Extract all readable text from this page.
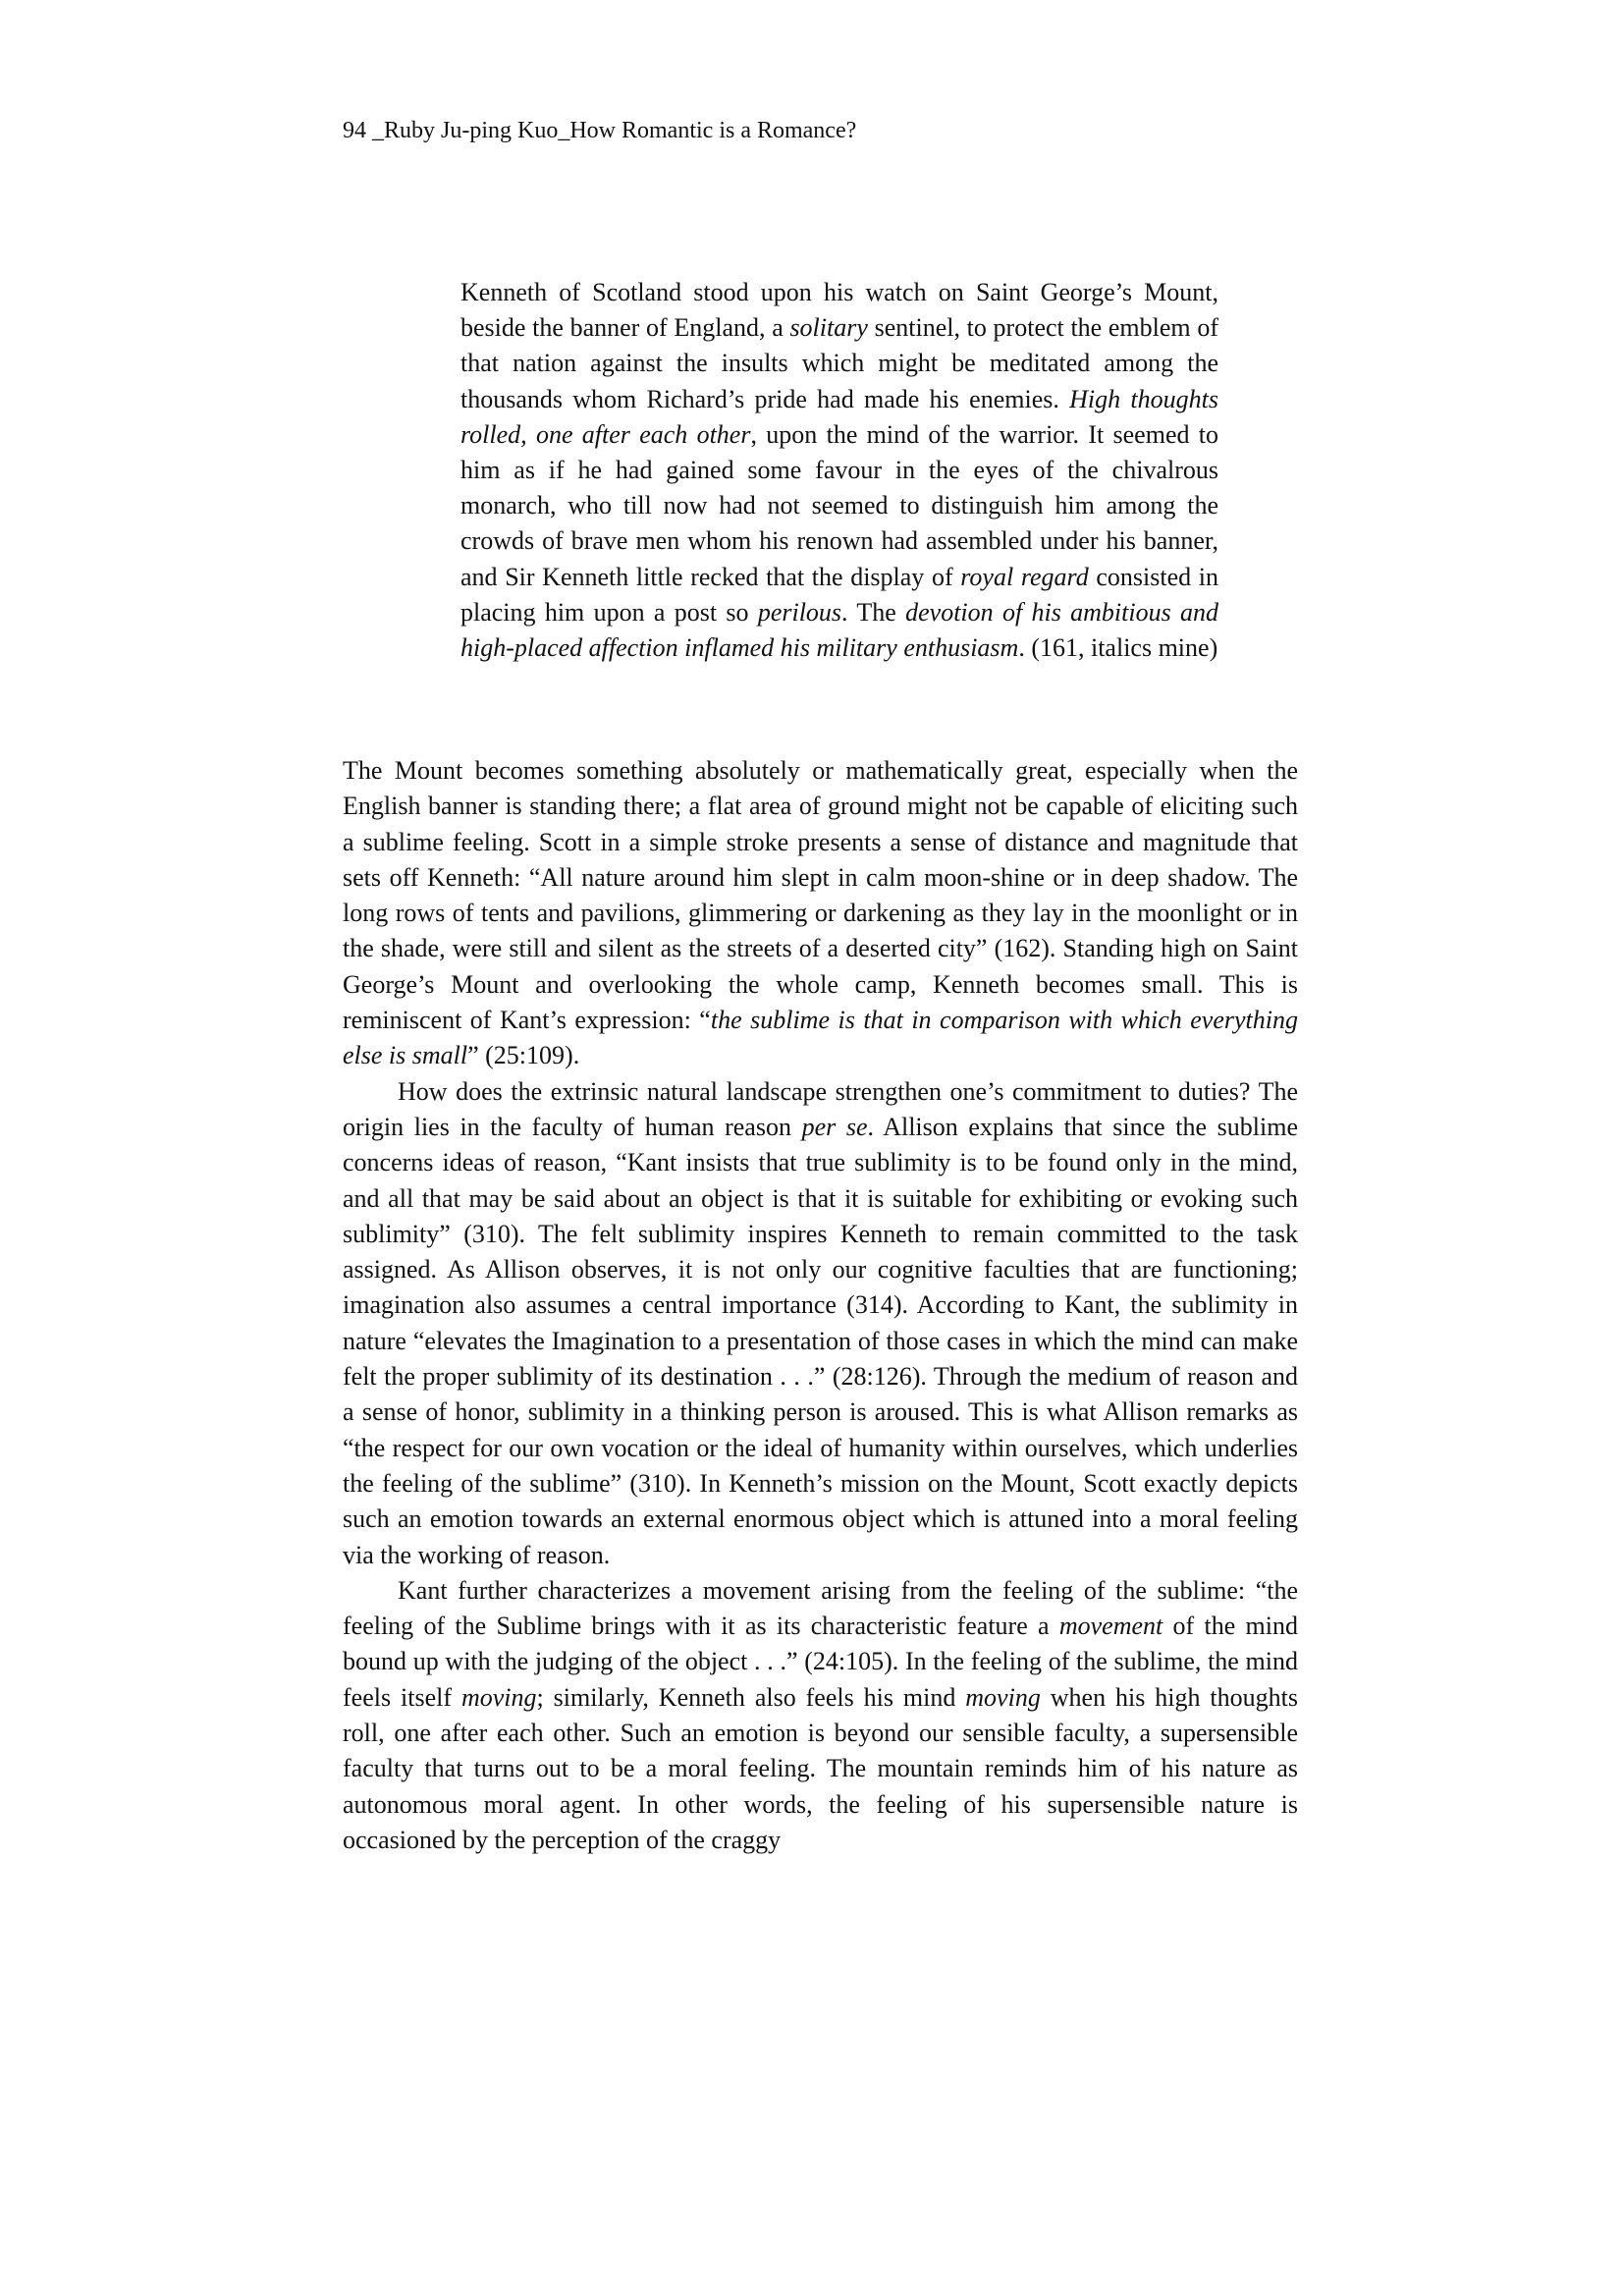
94 _Ruby Ju-ping Kuo_How Romantic is a Romance?
Kenneth of Scotland stood upon his watch on Saint George’s Mount, beside the banner of England, a solitary sentinel, to protect the emblem of that nation against the insults which might be meditated among the thousands whom Richard’s pride had made his enemies. High thoughts rolled, one after each other, upon the mind of the warrior. It seemed to him as if he had gained some favour in the eyes of the chivalrous monarch, who till now had not seemed to distinguish him among the crowds of brave men whom his renown had assembled under his banner, and Sir Kenneth little recked that the display of royal regard consisted in placing him upon a post so perilous. The devotion of his ambitious and high-placed affection inflamed his military enthusiasm. (161, italics mine)

The Mount becomes something absolutely or mathematically great, especially when the English banner is standing there; a flat area of ground might not be capable of eliciting such a sublime feeling. Scott in a simple stroke presents a sense of distance and magnitude that sets off Kenneth: “All nature around him slept in calm moon-shine or in deep shadow. The long rows of tents and pavilions, glimmering or darkening as they lay in the moonlight or in the shade, were still and silent as the streets of a deserted city” (162). Standing high on Saint George’s Mount and overlooking the whole camp, Kenneth becomes small. This is reminiscent of Kant’s expression: “the sublime is that in comparison with which everything else is small” (25:109).

How does the extrinsic natural landscape strengthen one’s commitment to duties? The origin lies in the faculty of human reason per se. Allison explains that since the sublime concerns ideas of reason, “Kant insists that true sublimity is to be found only in the mind, and all that may be said about an object is that it is suitable for exhibiting or evoking such sublimity” (310). The felt sublimity inspires Kenneth to remain committed to the task assigned. As Allison observes, it is not only our cognitive faculties that are functioning; imagination also assumes a central importance (314). According to Kant, the sublimity in nature “elevates the Imagination to a presentation of those cases in which the mind can make felt the proper sublimity of its destination . . .” (28:126). Through the medium of reason and a sense of honor, sublimity in a thinking person is aroused. This is what Allison remarks as “the respect for our own vocation or the ideal of humanity within ourselves, which underlies the feeling of the sublime” (310). In Kenneth’s mission on the Mount, Scott exactly depicts such an emotion towards an external enormous object which is attuned into a moral feeling via the working of reason.

Kant further characterizes a movement arising from the feeling of the sublime: “the feeling of the Sublime brings with it as its characteristic feature a movement of the mind bound up with the judging of the object . . .” (24:105). In the feeling of the sublime, the mind feels itself moving; similarly, Kenneth also feels his mind moving when his high thoughts roll, one after each other. Such an emotion is beyond our sensible faculty, a supersensible faculty that turns out to be a moral feeling. The mountain reminds him of his nature as autonomous moral agent. In other words, the feeling of his supersensible nature is occasioned by the perception of the craggy
